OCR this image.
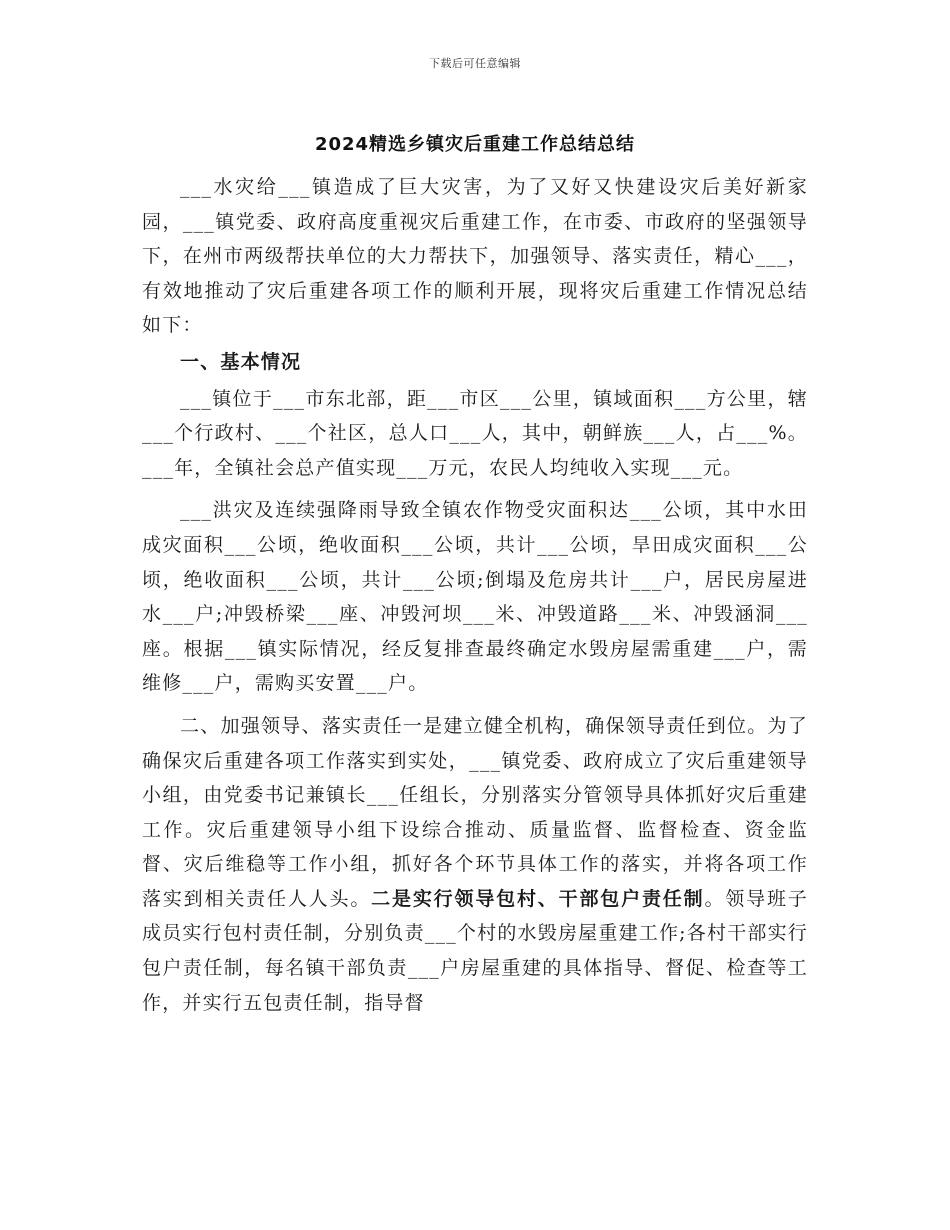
下载后可任意编辑
2024精选乡镇灾后重建工作总结总结

___水灾给___镇造成了巨大灾害，为了又好又快建设灾后美好新家园，___镇党委、政府高度重视灾后重建工作，在市委、市政府的坚强领导下，在州市两级帮扶单位的大力帮扶下，加强领导、落实责任，精心___，有效地推动了灾后重建各项工作的顺利开展，现将灾后重建工作情况总结如下：

一、基本情况

___镇位于___市东北部，距___市区___公里，镇域面积___方公里，辖___个行政村、___个社区，总人口___人，其中，朝鲜族___人，占___%。___年，全镇社会总产值实现___万元，农民人均纯收入实现___元。

___洪灾及连续强降雨导致全镇农作物受灾面积达___公顷，其中水田成灾面积___公顷，绝收面积___公顷，共计___公顷，旱田成灾面积___公顷，绝收面积___公顷，共计___公顷;倒塌及危房共计___户，居民房屋进水___户;冲毁桥梁___座、冲毁河坝___米、冲毁道路___米、冲毁涵洞___座。根据___镇实际情况，经反复排查最终确定水毁房屋需重建___户，需维修___户，需购买安置___户。

二、加强领导、落实责任一是建立健全机构，确保领导责任到位。为了确保灾后重建各项工作落实到实处，___镇党委、政府成立了灾后重建领导小组，由党委书记兼镇长___任组长，分别落实分管领导具体抓好灾后重建工作。灾后重建领导小组下设综合推动、质量监督、监督检查、资金监督、灾后维稳等工作小组，抓好各个环节具体工作的落实，并将各项工作落实到相关责任人人头。二是实行领导包村、干部包户责任制。领导班子成员实行包村责任制，分别负责___个村的水毁房屋重建工作;各村干部实行包户责任制，每名镇干部负责___户房屋重建的具体指导、督促、检查等工作，并实行五包责任制，指导督
